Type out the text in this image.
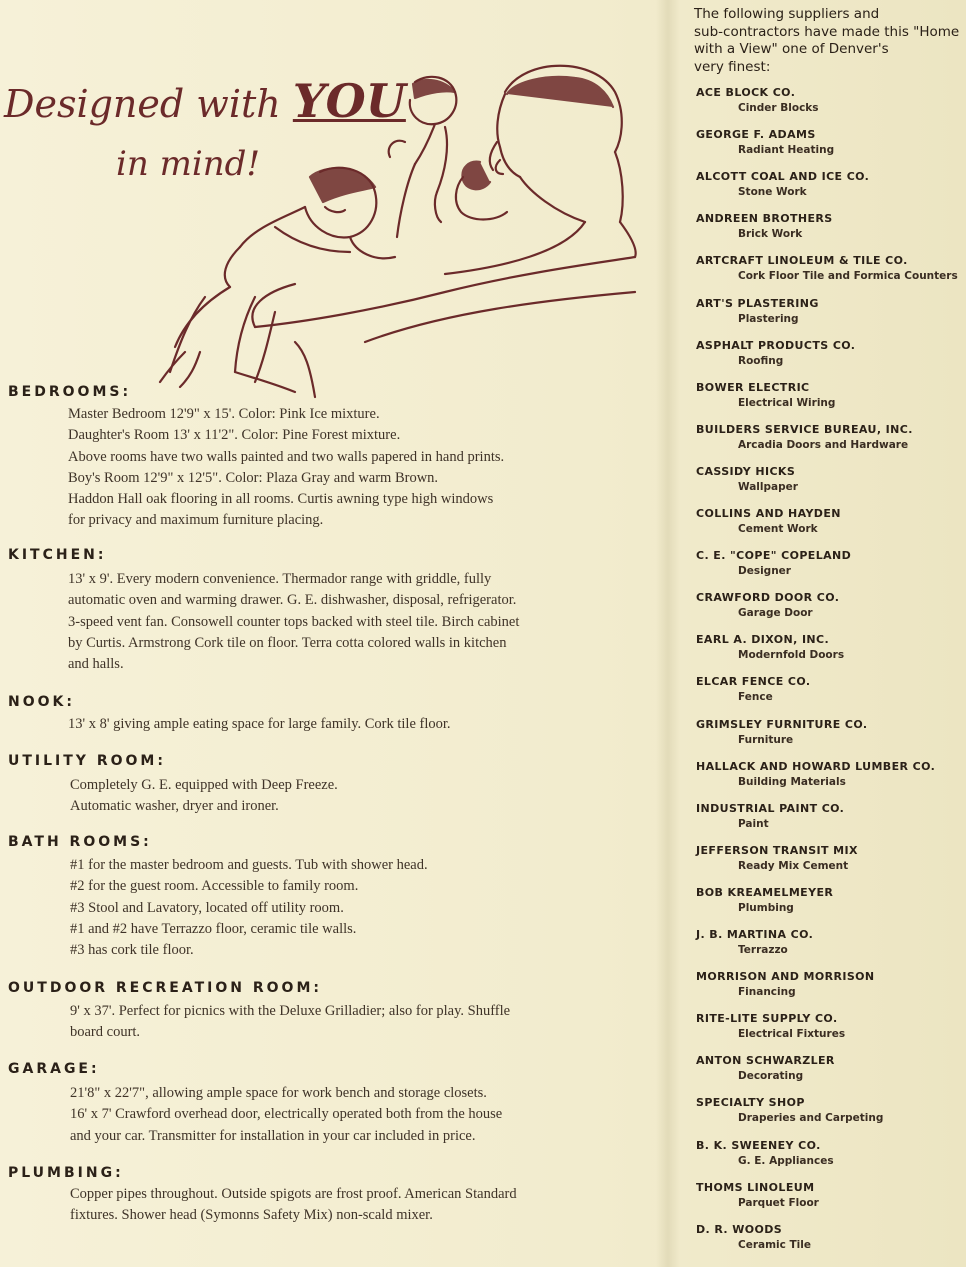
Designed with YOU
in mind!
BEDROOMS:
Master Bedroom 12'9" x 15'. Color: Pink Ice mixture.
Daughter's Room 13' x 11'2". Color: Pine Forest mixture.
Above rooms have two walls painted and two walls papered in hand prints.
Boy's Room 12'9" x 12'5". Color: Plaza Gray and warm Brown.
Haddon Hall oak flooring in all rooms. Curtis awning type high windows
for privacy and maximum furniture placing.
KITCHEN:
13' x 9'. Every modern convenience. Thermador range with griddle, fully
automatic oven and warming drawer. G. E. dishwasher, disposal, refrigerator.
3-speed vent fan. Consowell counter tops backed with steel tile. Birch cabinet
by Curtis. Armstrong Cork tile on floor. Terra cotta colored walls in kitchen
and halls.
NOOK:
13' x 8' giving ample eating space for large family. Cork tile floor.
UTILITY ROOM:
Completely G. E. equipped with Deep Freeze.
Automatic washer, dryer and ironer.
BATH ROOMS:
#1 for the master bedroom and guests. Tub with shower head.
#2 for the guest room. Accessible to family room.
#3 Stool and Lavatory, located off utility room.
#1 and #2 have Terrazzo floor, ceramic tile walls.
#3 has cork tile floor.
OUTDOOR RECREATION ROOM:
9' x 37'. Perfect for picnics with the Deluxe Grilladier; also for play. Shuffle
board court.
GARAGE:
21'8" x 22'7", allowing ample space for work bench and storage closets.
16' x 7' Crawford overhead door, electrically operated both from the house
and your car. Transmitter for installation in your car included in price.
PLUMBING:
Copper pipes throughout. Outside spigots are frost proof. American Standard
fixtures. Shower head (Symonns Safety Mix) non-scald mixer.
The following suppliers and
sub-contractors have made this "Home
with a View" one of Denver's
very finest:
ACE BLOCK CO.
Cinder Blocks
GEORGE F. ADAMS
Radiant Heating
ALCOTT COAL AND ICE CO.
Stone Work
ANDREEN BROTHERS
Brick Work
ARTCRAFT LINOLEUM & TILE CO.
Cork Floor Tile and Formica Counters
ART'S PLASTERING
Plastering
ASPHALT PRODUCTS CO.
Roofing
BOWER ELECTRIC
Electrical Wiring
BUILDERS SERVICE BUREAU, INC.
Arcadia Doors and Hardware
CASSIDY HICKS
Wallpaper
COLLINS AND HAYDEN
Cement Work
C. E. "COPE" COPELAND
Designer
CRAWFORD DOOR CO.
Garage Door
EARL A. DIXON, INC.
Modernfold Doors
ELCAR FENCE CO.
Fence
GRIMSLEY FURNITURE CO.
Furniture
HALLACK AND HOWARD LUMBER CO.
Building Materials
INDUSTRIAL PAINT CO.
Paint
JEFFERSON TRANSIT MIX
Ready Mix Cement
BOB KREAMELMEYER
Plumbing
J. B. MARTINA CO.
Terrazzo
MORRISON AND MORRISON
Financing
RITE-LITE SUPPLY CO.
Electrical Fixtures
ANTON SCHWARZLER
Decorating
SPECIALTY SHOP
Draperies and Carpeting
B. K. SWEENEY CO.
G. E. Appliances
THOMS LINOLEUM
Parquet Floor
D. R. WOODS
Ceramic Tile
